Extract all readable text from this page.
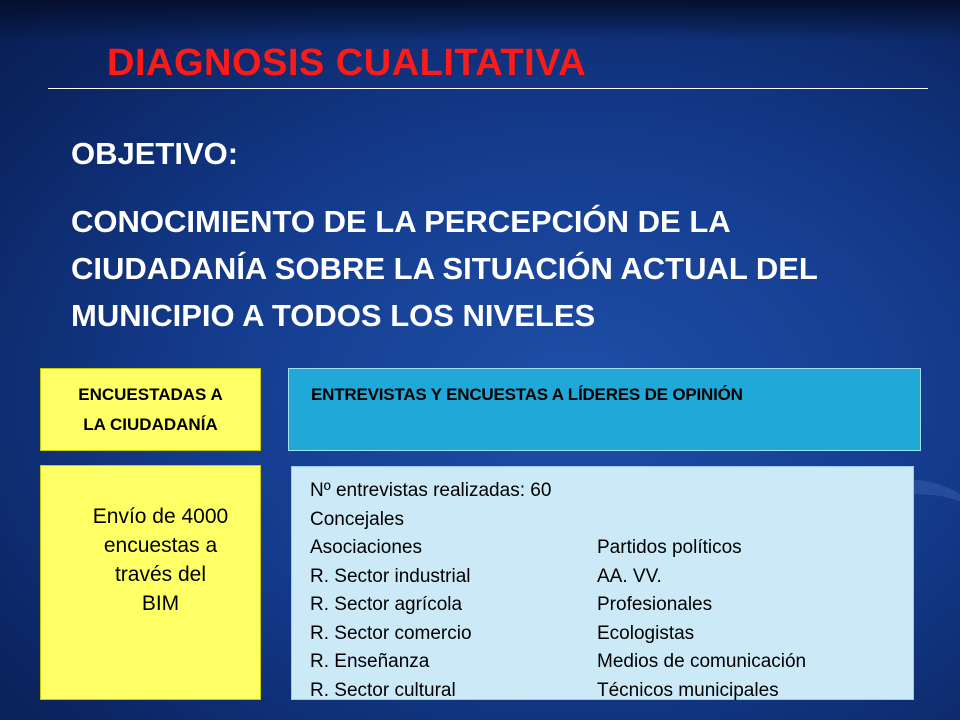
DIAGNOSIS CUALITATIVA
OBJETIVO:
CONOCIMIENTO DE LA PERCEPCIÓN DE LA CIUDADANÍA SOBRE LA SITUACIÓN ACTUAL DEL MUNICIPIO A TODOS LOS NIVELES
ENCUESTADAS A
LA CIUDADANÍA
ENTREVISTAS Y ENCUESTAS A LÍDERES DE OPINIÓN
Envío de 4000
encuestas a
través del
BIM
Nº entrevistas realizadas: 60
Concejales
Asociaciones	Partidos políticos
R. Sector industrial	AA. VV.
R. Sector agrícola	Profesionales
R. Sector comercio	Ecologistas
R. Enseñanza	Medios de comunicación
R. Sector cultural	Técnicos municipales
